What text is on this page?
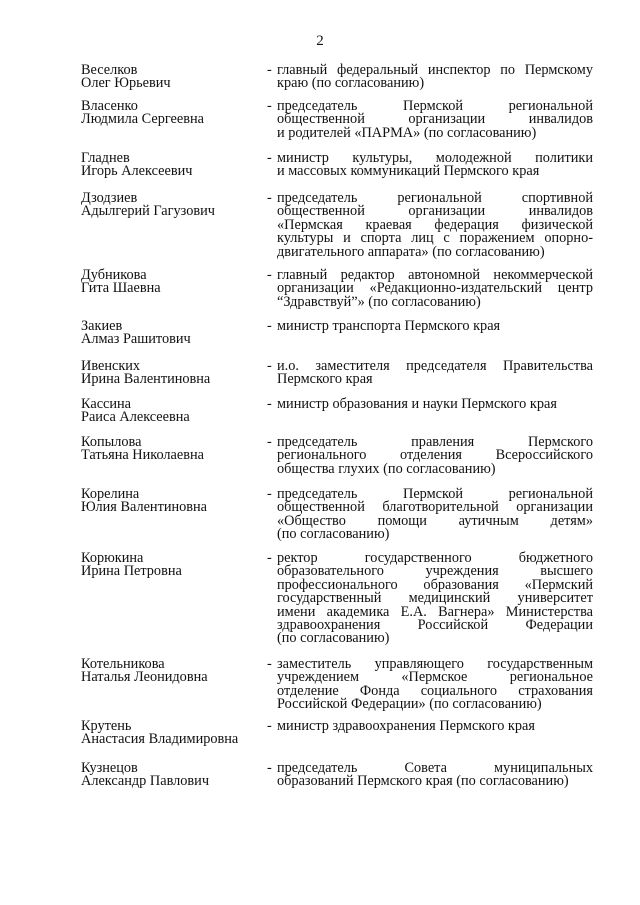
2
Веселков
Олег Юрьевич
- главный федеральный инспектор по Пермскому
краю (по согласованию)
Власенко
Людмила Сергеевна
- председатель Пермской региональной
общественной организации инвалидов
и родителей «ПАРМА» (по согласованию)
Гладнев
Игорь Алексеевич
- министр культуры, молодежной политики
и массовых коммуникаций Пермского края
Дзодзиев
Адылгерий Гагузович
- председатель региональной спортивной
общественной организации инвалидов
«Пермская краевая федерация физической
культуры и спорта лиц с поражением опорно-
двигательного аппарата» (по согласованию)
Дубникова
Гита Шаевна
- главный редактор автономной некоммерческой
организации «Редакционно-издательский центр
“Здравствуй”» (по согласованию)
Закиев
Алмаз Рашитович
- министр транспорта Пермского края
Ивенских
Ирина Валентиновна
- и.о. заместителя председателя Правительства
Пермского края
Кассина
Раиса Алексеевна
- министр образования и науки Пермского края
Копылова
Татьяна Николаевна
- председатель правления Пермского
регионального отделения Всероссийского
общества глухих (по согласованию)
Корелина
Юлия Валентиновна
- председатель Пермской региональной
общественной благотворительной организации
«Общество помощи аутичным детям»
(по согласованию)
Корюкина
Ирина Петровна
- ректор государственного бюджетного
образовательного учреждения высшего
профессионального образования «Пермский
государственный медицинский университет
имени академика Е.А. Вагнера» Министерства
здравоохранения Российской Федерации
(по согласованию)
Котельникова
Наталья Леонидовна
- заместитель управляющего государственным
учреждением «Пермское региональное
отделение Фонда социального страхования
Российской Федерации» (по согласованию)
Крутень
Анастасия Владимировна
- министр здравоохранения Пермского края
Кузнецов
Александр Павлович
- председатель Совета муниципальных
образований Пермского края (по согласованию)
